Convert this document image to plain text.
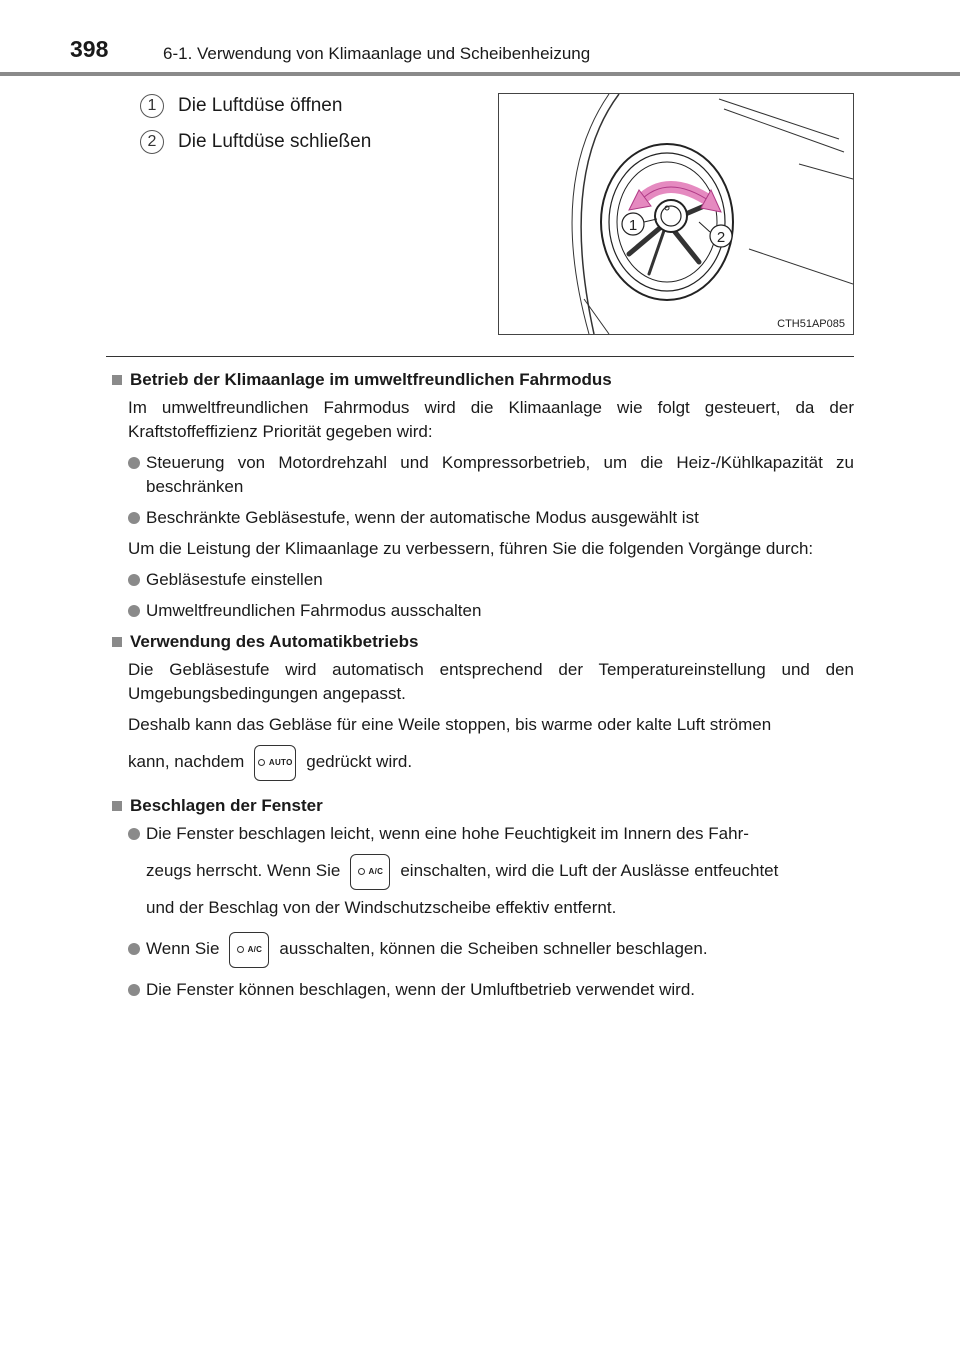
398	6-1. Verwendung von Klimaanlage und Scheibenheizung
1	Die Luftdüse öffnen
2	Die Luftdüse schließen
1
2
CTH51AP085
Betrieb der Klimaanlage im umweltfreundlichen Fahrmodus
Im umweltfreundlichen Fahrmodus wird die Klimaanlage wie folgt gesteuert, da der Kraftstoffeffizienz Priorität gegeben wird:
Steuerung von Motordrehzahl und Kompressorbetrieb, um die Heiz-/Kühlkapazität zu beschränken
Beschränkte Gebläsestufe, wenn der automatische Modus ausgewählt ist
Um die Leistung der Klimaanlage zu verbessern, führen Sie die folgenden Vorgänge durch:
Gebläsestufe einstellen
Umweltfreundlichen Fahrmodus ausschalten
Verwendung des Automatikbetriebs
Die Gebläsestufe wird automatisch entsprechend der Temperatureinstellung und den Umgebungsbedingungen angepasst.
Deshalb kann das Gebläse für eine Weile stoppen, bis warme oder kalte Luft strömen
kann, nachdem	AUTO gedrückt wird.
Beschlagen der Fenster
Die Fenster beschlagen leicht, wenn eine hohe Feuchtigkeit im Innern des Fahr-
zeugs herrscht. Wenn Sie	A/C einschalten, wird die Luft der Auslässe entfeuchtet
und der Beschlag von der Windschutzscheibe effektiv entfernt.
Wenn Sie	A/C ausschalten, können die Scheiben schneller beschlagen.
Die Fenster können beschlagen, wenn der Umluftbetrieb verwendet wird.
